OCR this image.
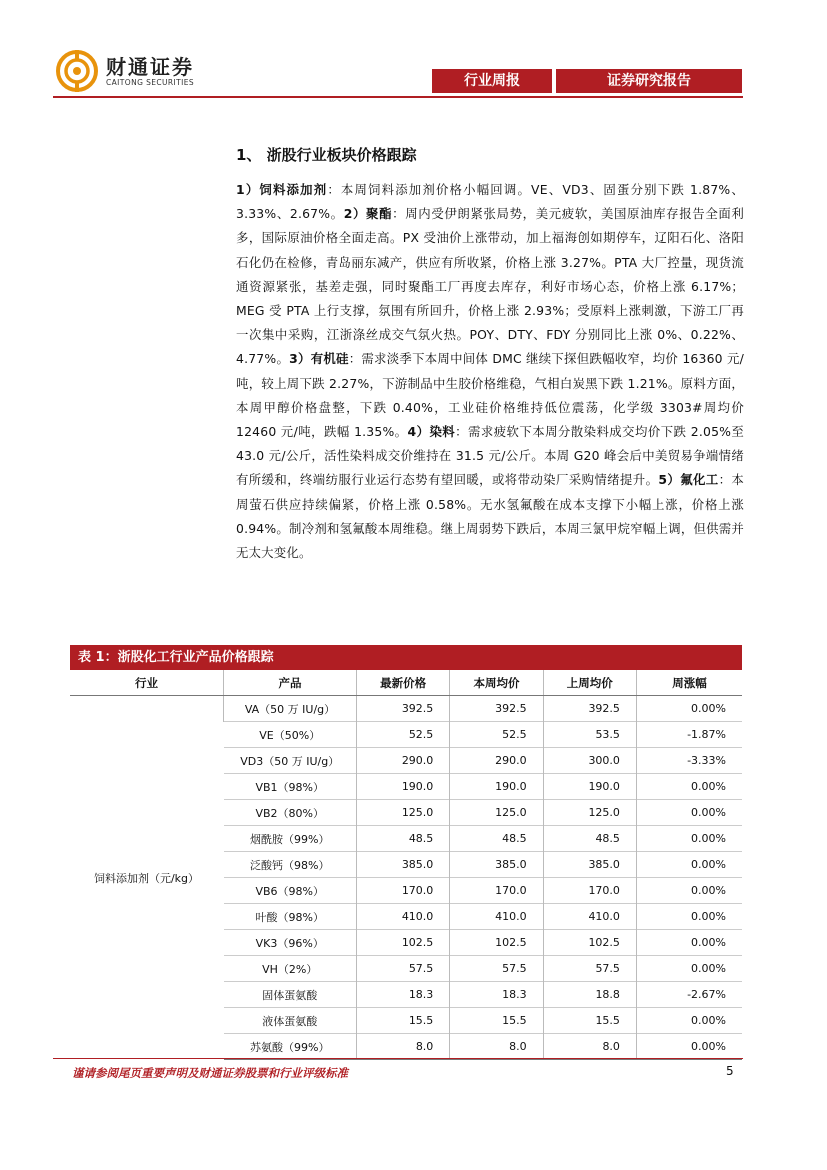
财通证券
CAITONG SECURITIES	行业周报	证券研究报告
1、 浙股行业板块价格跟踪
1）饲料添加剂：本周饲料添加剂价格小幅回调。VE、VD3、固蛋分别下跌 1.87%、3.33%、2.67%。2）聚酯：周内受伊朗紧张局势，美元疲软，美国原油库存报告全面利多，国际原油价格全面走高。PX 受油价上涨带动，加上福海创如期停车，辽阳石化、洛阳石化仍在检修，青岛丽东减产，供应有所收紧，价格上涨 3.27%。PTA 大厂控量，现货流通资源紧张，基差走强，同时聚酯工厂再度去库存，利好市场心态，价格上涨 6.17%；MEG 受 PTA 上行支撑，氛围有所回升，价格上涨 2.93%；受原料上涨刺激，下游工厂再一次集中采购，江浙涤丝成交气氛火热。POY、DTY、FDY 分别同比上涨 0%、0.22%、4.77%。3）有机硅：需求淡季下本周中间体 DMC 继续下探但跌幅收窄，均价 16360 元/吨，较上周下跌 2.27%，下游制品中生胶价格维稳，气相白炭黑下跌 1.21%。原料方面，本周甲醇价格盘整，下跌 0.40%，工业硅价格维持低位震荡，化学级 3303#周均价 12460 元/吨，跌幅 1.35%。4）染料：需求疲软下本周分散染料成交均价下跌 2.05%至 43.0 元/公斤，活性染料成交价维持在 31.5 元/公斤。本周 G20 峰会后中美贸易争端情绪有所缓和，终端纺服行业运行态势有望回暖，或将带动染厂采购情绪提升。5）氟化工：本周萤石供应持续偏紧，价格上涨 0.58%。无水氢氟酸在成本支撑下小幅上涨，价格上涨 0.94%。制冷剂和氢氟酸本周维稳。继上周弱势下跌后，本周三氯甲烷窄幅上调，但供需并无太大变化。
表 1：浙股化工行业产品价格跟踪
行业	产品	最新价格	本周均价	上周均价	周涨幅
饲料添加剂（元/kg）	VA（50 万 IU/g）	392.5	392.5	392.5	0.00%
	VE（50%）	52.5	52.5	53.5	-1.87%
	VD3（50 万 IU/g）	290.0	290.0	300.0	-3.33%
	VB1（98%）	190.0	190.0	190.0	0.00%
	VB2（80%）	125.0	125.0	125.0	0.00%
	烟酰胺（99%）	48.5	48.5	48.5	0.00%
	泛酸钙（98%）	385.0	385.0	385.0	0.00%
	VB6（98%）	170.0	170.0	170.0	0.00%
	叶酸（98%）	410.0	410.0	410.0	0.00%
	VK3（96%）	102.5	102.5	102.5	0.00%
	VH（2%）	57.5	57.5	57.5	0.00%
	固体蛋氨酸	18.3	18.3	18.8	-2.67%
	液体蛋氨酸	15.5	15.5	15.5	0.00%
	苏氨酸（99%）	8.0	8.0	8.0	0.00%
谨请参阅尾页重要声明及财通证券股票和行业评级标准	5
